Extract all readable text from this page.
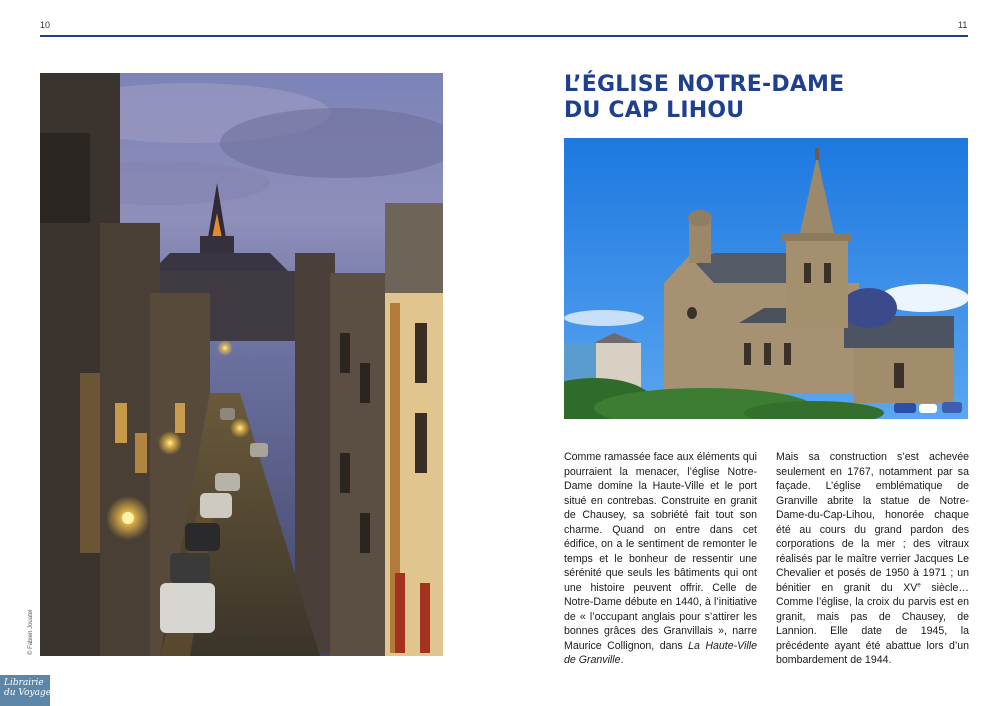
10	11
© Fabien Jouatel
L’ÉGLISE NOTRE-DAME
DU CAP LIHOU

Comme ramassée face aux éléments qui pourraient la menacer, l’église Notre-Dame domine la Haute-Ville et le port situé en contrebas. Construite en granit de Chausey, sa sobriété fait tout son charme. Quand on entre dans cet édifice, on a le sentiment de remonter le temps et le bonheur de ressentir une sérénité que seuls les bâtiments qui ont une histoire peuvent offrir. Celle de Notre-Dame débute en 1440, à l’initiative de « l’occupant anglais pour s’attirer les bonnes grâces des Granvillais », narre Maurice Collignon, dans La Haute-Ville de Granville.

Mais sa construction s’est achevée seulement en 1767, notamment par sa façade. L’église emblématique de Granville abrite la statue de Notre-Dame-du-Cap-Lihou, honorée chaque été au cours du grand pardon des corporations de la mer ; des vitraux réalisés par le maître verrier Jacques Le Chevalier et posés de 1950 à 1971 ; un bénitier en granit du XVe siècle… Comme l’église, la croix du parvis est en granit, mais pas de Chausey, de Lannion. Elle date de 1945, la précédente ayant été abattue lors d’un bombardement de 1944.

Librairie
du Voyage
